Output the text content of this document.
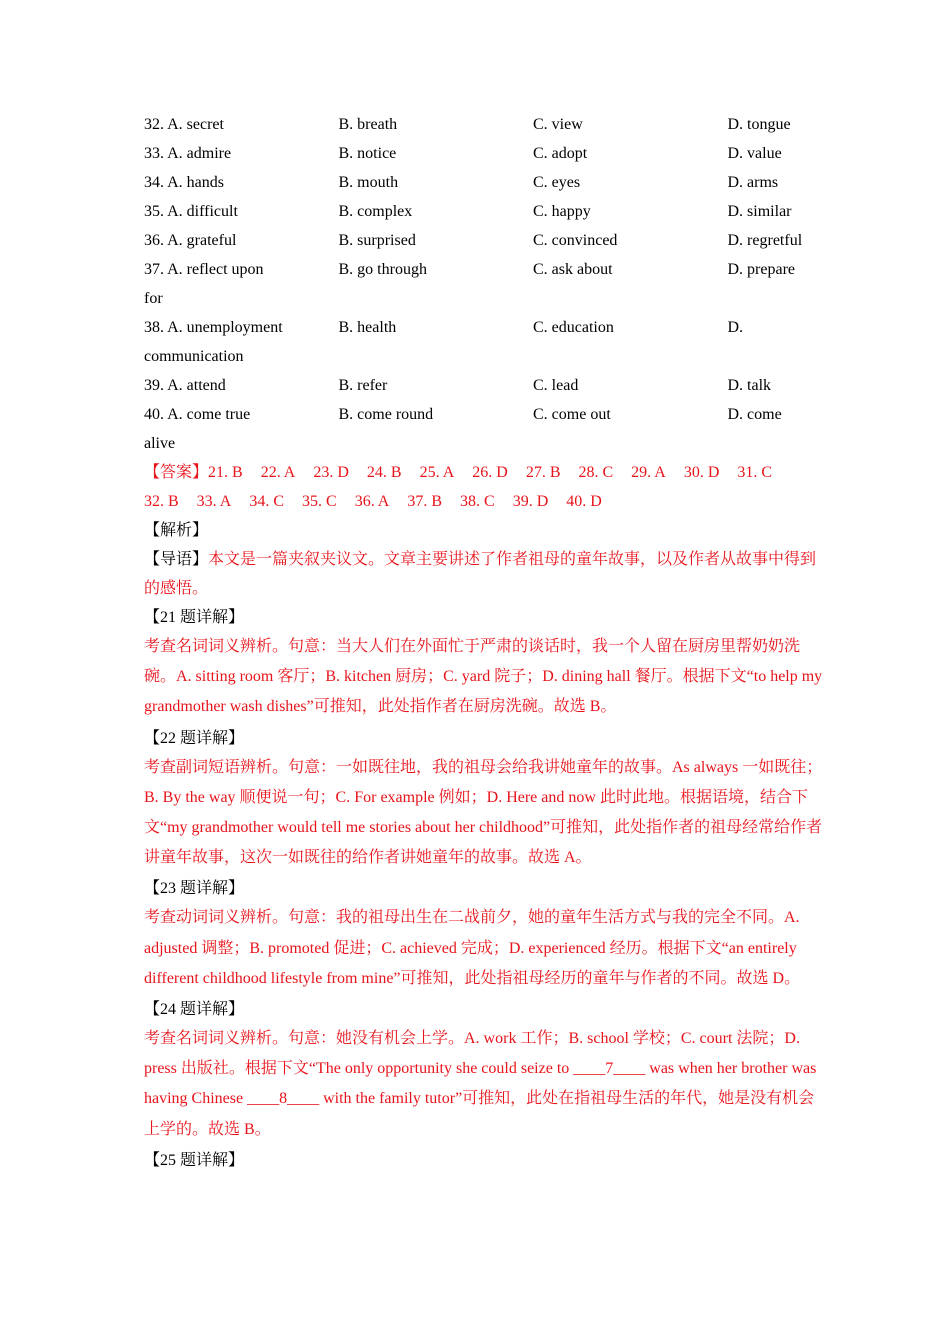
32. A. secret	B. breath	C. view	D. tongue
33. A. admire	B. notice	C. adopt	D. value
34. A. hands	B. mouth	C. eyes	D. arms
35. A. difficult	B. complex	C. happy	D. similar
36. A. grateful	B. surprised	C. convinced	D. regretful
37. A. reflect upon	B. go through	C. ask about	D. prepare
for
38. A. unemployment	B. health	C. education	D.
communication
39. A. attend	B. refer	C. lead	D. talk
40. A. come true	B. come round	C. come out	D. come
alive
【答案】21. B 22. A 23. D 24. B 25. A 26. D 27. B 28. C 29. A 30. D 31. C
32. B 33. A 34. C 35. C 36. A 37. B 38. C 39. D 40. D
【解析】

【导语】本文是一篇夹叙夹议文。文章主要讲述了作者祖母的童年故事，以及作者从故事中得到的感悟。

【21 题详解】

考查名词词义辨析。句意：当大人们在外面忙于严肃的谈话时，我一个人留在厨房里帮奶奶洗碗。A. sitting room 客厅；B. kitchen 厨房；C. yard 院子；D. dining hall 餐厅。根据下文“to help my grandmother wash dishes”可推知，此处指作者在厨房洗碗。故选 B。

【22 题详解】

考查副词短语辨析。句意：一如既往地，我的祖母会给我讲她童年的故事。As always 一如既往；B. By the way 顺便说一句；C. For example 例如；D. Here and now 此时此地。根据语境，结合下文“my grandmother would tell me stories about her childhood”可推知，此处指作者的祖母经常给作者讲童年故事，这次一如既往的给作者讲她童年的故事。故选 A。

【23 题详解】

考查动词词义辨析。句意：我的祖母出生在二战前夕，她的童年生活方式与我的完全不同。A. adjusted 调整；B. promoted 促进；C. achieved 完成；D. experienced 经历。根据下文“an entirely different childhood lifestyle from mine”可推知，此处指祖母经历的童年与作者的不同。故选 D。

【24 题详解】

考查名词词义辨析。句意：她没有机会上学。A. work 工作；B. school 学校；C. court 法院；D. press 出版社。根据下文“The only opportunity she could seize to ____7____ was when her brother was having Chinese ____8____ with the family tutor”可推知，此处在指祖母生活的年代，她是没有机会上学的。故选 B。

【25 题详解】
